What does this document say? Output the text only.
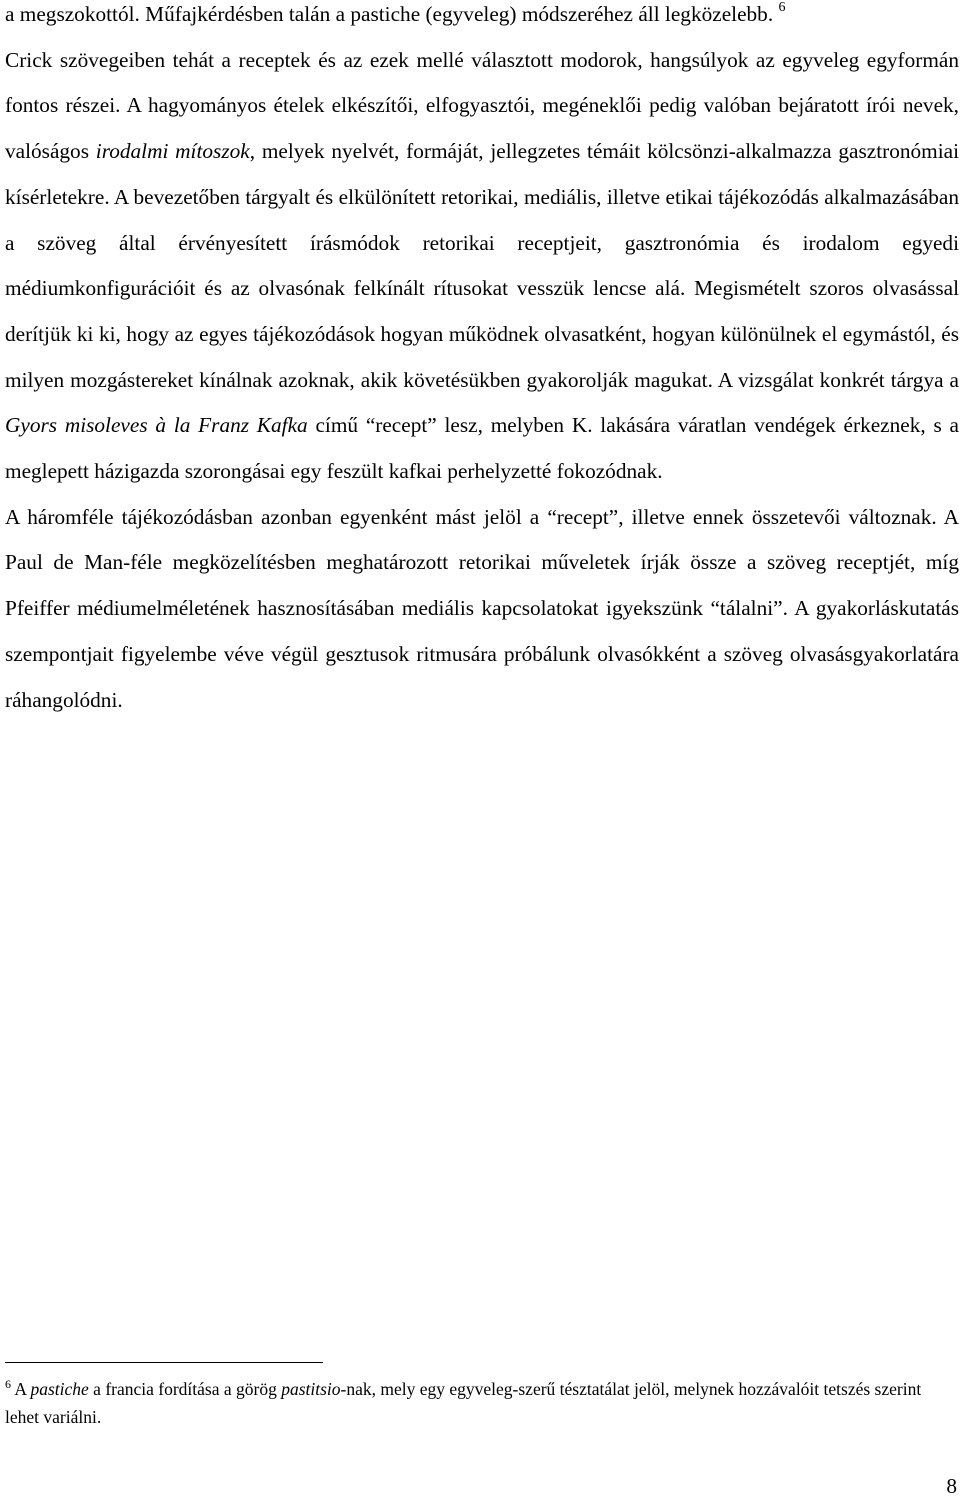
a megszokottól. Műfajkérdésben talán a pastiche (egyveleg) módszeréhez áll legközelebb. $^6$

Crick szövegeiben tehát a receptek és az ezek mellé választott modorok, hangsúlyok az egyveleg egyformán fontos részei. A hagyományos ételek elkészítői, elfogyasztói, megéneklői pedig valóban bejáratott írói nevek, valóságos irodalmi mítoszok, melyek nyelvét, formáját, jellegzetes témáit kölcsönzi-alkalmazza gasztronómiai kísérletekre. A bevezetőben tárgyalt és elkülönített retorikai, mediális, illetve etikai tájékozódás alkalmazásában a szöveg által érvényesített írásmódok retorikai receptjeit, gasztronómia és irodalom egyedi médiumkonfigurációit és az olvasónak felkínált rítusokat vesszük lencse alá. Megismételt szoros olvasással derítjük ki ki, hogy az egyes tájékozódások hogyan működnek olvasatként, hogyan különülnek el egymástól, és milyen mozgástereket kínálnak azoknak, akik követésükben gyakorolják magukat. A vizsgálat konkrét tárgya a Gyors misoleves à la Franz Kafka című “recept” lesz, melyben K. lakására váratlan vendégek érkeznek, s a meglepett házigazda szorongásai egy feszült kafkai perhelyzetté fokozódnak.

A háromféle tájékozódásban azonban egyenként mást jelöl a “recept”, illetve ennek összetevői változnak. A Paul de Man-féle megközelítésben meghatározott retorikai műveletek írják össze a szöveg receptjét, míg Pfeiffer médiumelméletének hasznosításában mediális kapcsolatokat igyekszünk “tálalni”. A gyakorláskutatás szempontjait figyelembe véve végül gesztusok ritmusára próbálunk olvasókként a szöveg olvasásgyakorlatára ráhangolódni.

$^6$ A pastiche a francia fordítása a görög pastitsio-nak, mely egy egyveleg-szerű tésztatálat jelöl, melynek hozzávalóit tetszés szerint lehet variálni.
8
